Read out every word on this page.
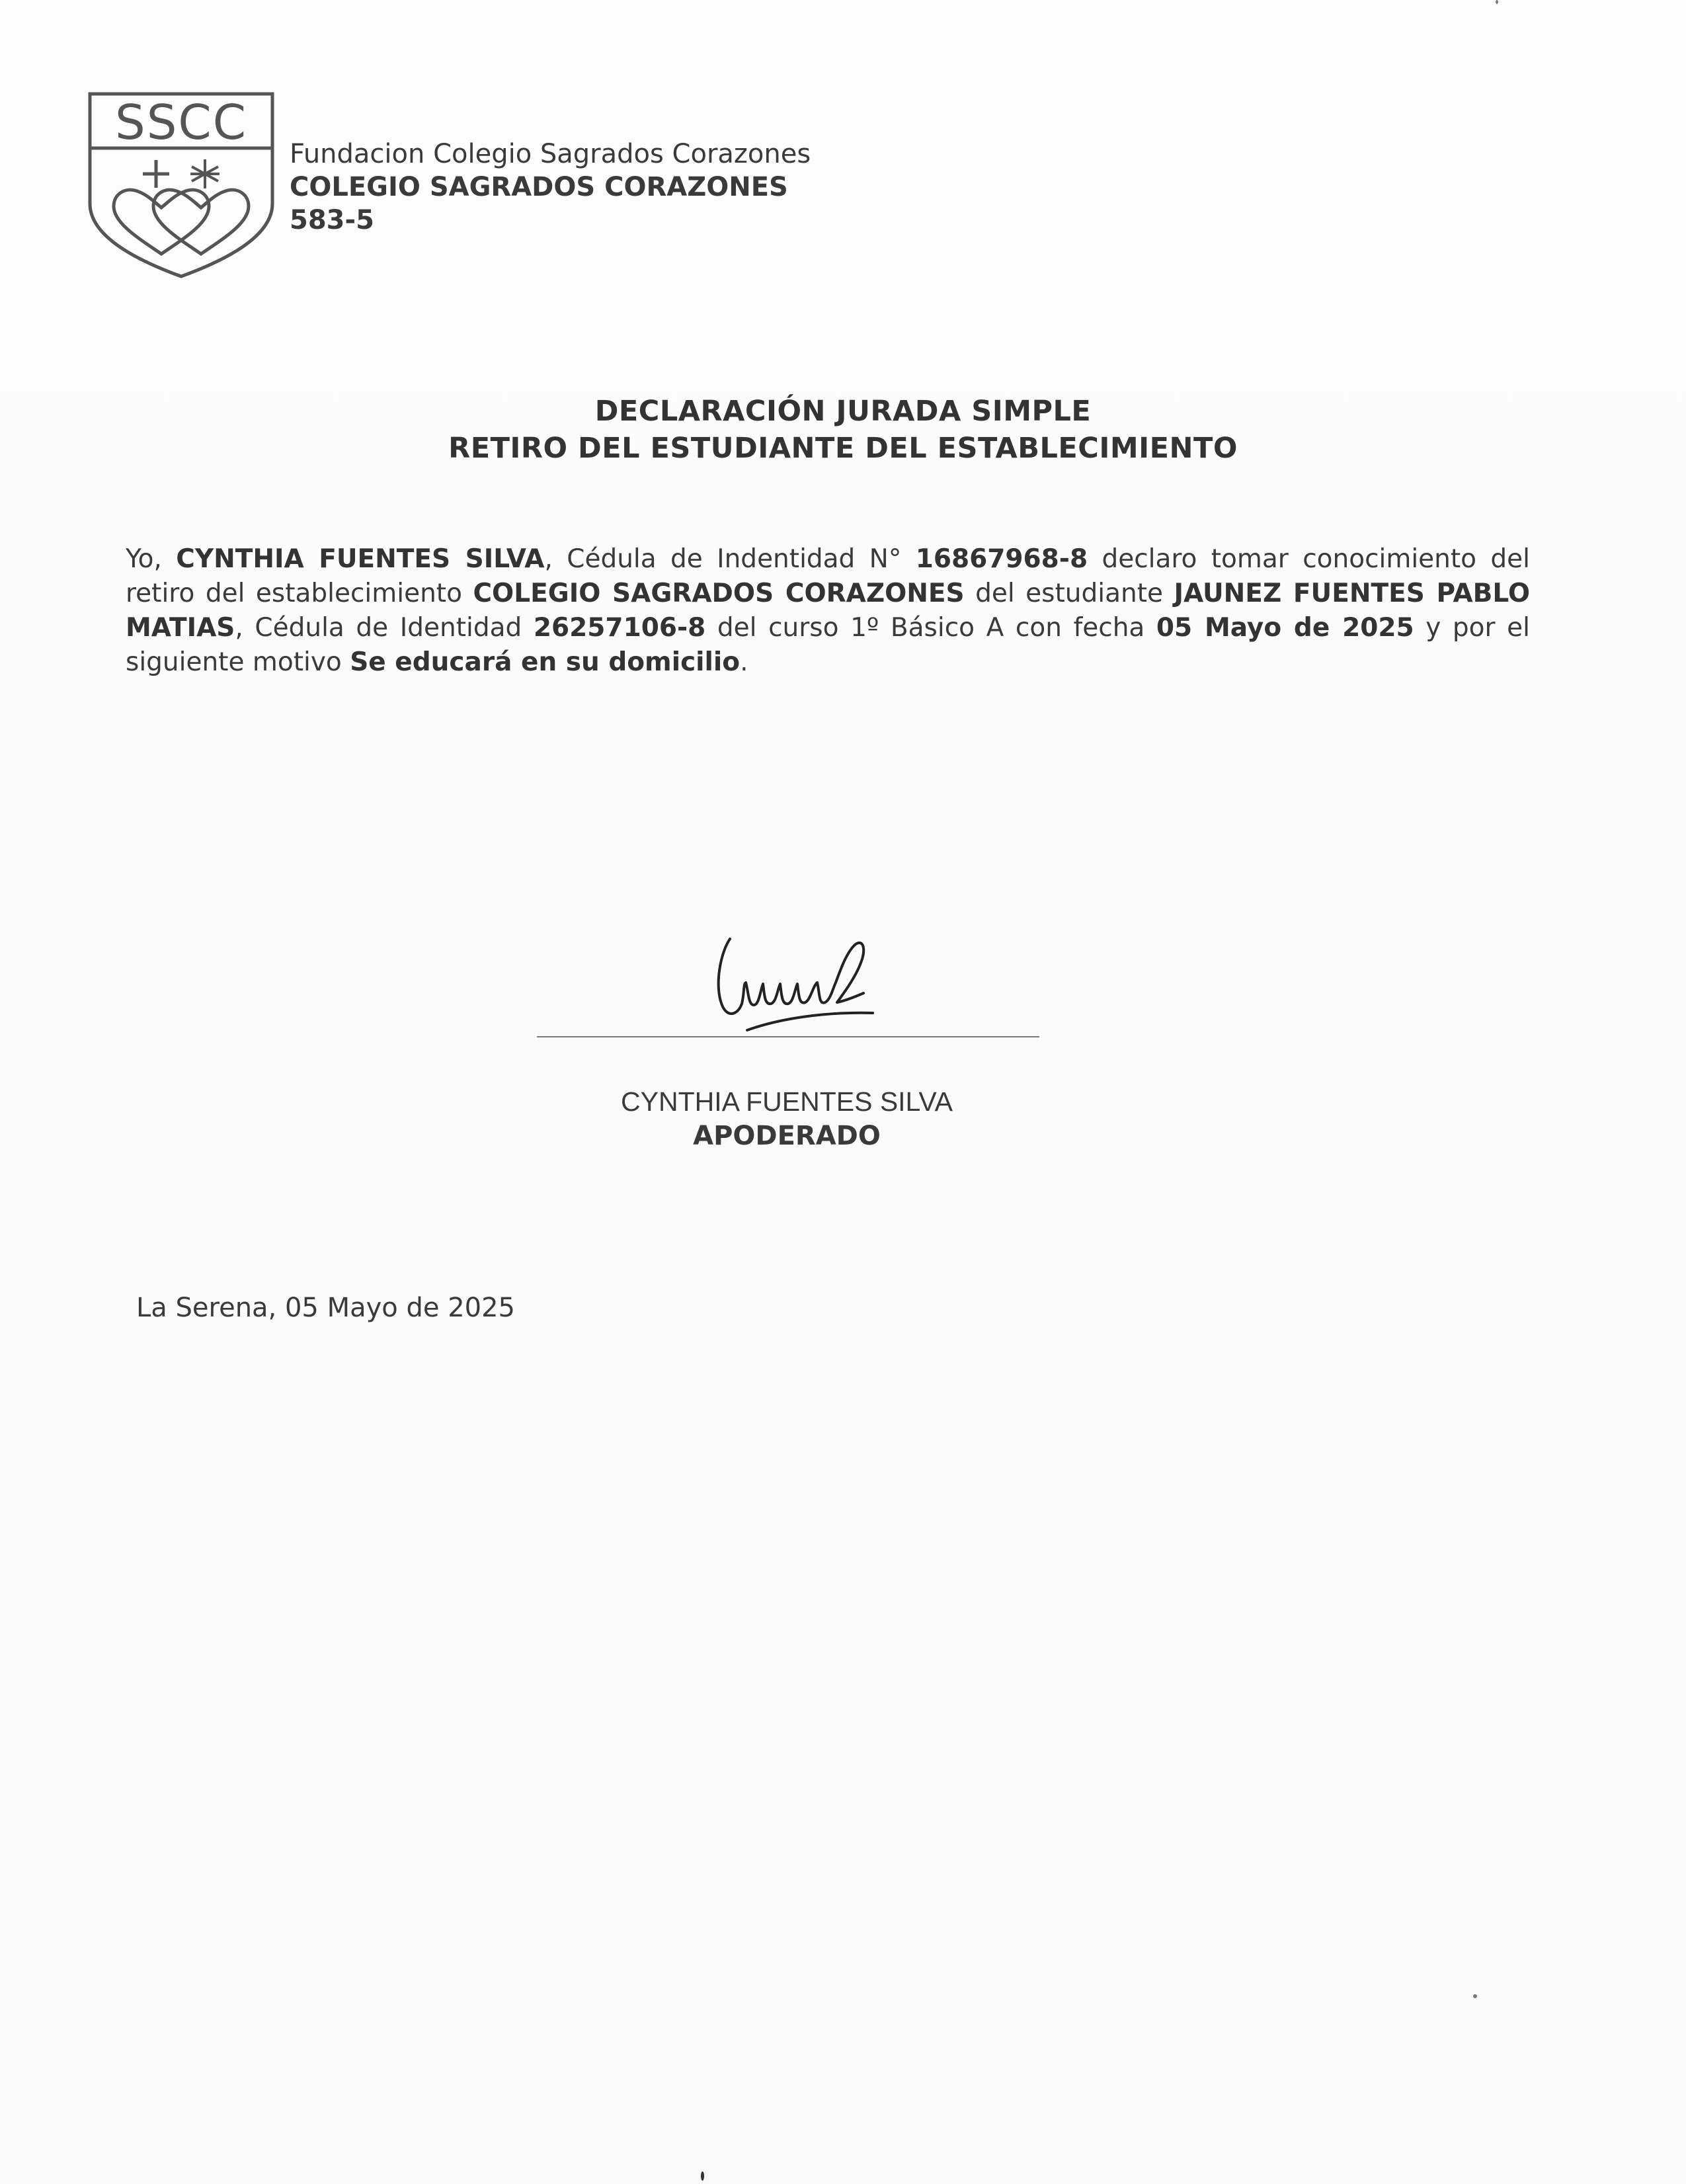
SSCC
Fundacion Colegio Sagrados Corazones
COLEGIO SAGRADOS CORAZONES
583-5
DECLARACIÓN JURADA SIMPLE
RETIRO DEL ESTUDIANTE DEL ESTABLECIMIENTO
Yo, CYNTHIA FUENTES SILVA, Cédula de Indentidad N° 16867968-8 declaro tomar conocimiento del retiro del establecimiento COLEGIO SAGRADOS CORAZONES del estudiante JAUNEZ FUENTES PABLO MATIAS, Cédula de Identidad 26257106-8 del curso 1º Básico A con fecha 05 Mayo de 2025 y por el siguiente motivo Se educará en su domicilio.
CYNTHIA FUENTES SILVA
APODERADO
La Serena, 05 Mayo de 2025
